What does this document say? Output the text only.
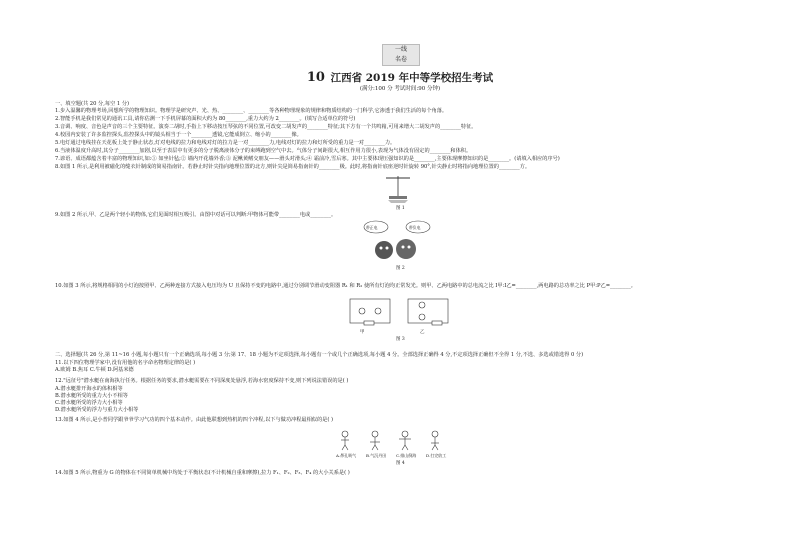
一线
名卷
10 江西省 2019 年中等学校招生考试
(满分:100 分 考试时间:90 分钟)
一、填空题(共 20 分,每空 1 分)
1.步入温馨的物理考场,回想所学的物理知识。物理学是研究声、光、热、________、________等各种物理现象的规律和物质结构的一门科学,它渗透于我们生活的每个角落。
2.智能手机是我们常见的通讯工具,请你估测一下手机屏幕的面积大约为 80________,重力大约为 2________。(填写合适单位的符号)
3.音调、响度、音色是声音的三个主要特征。演奏二胡时,手指上下移动按压琴弦的不同位置,可改变二胡发声的________特征;其下方有一个共鸣箱,可用来增大二胡发声的________特征。
4.校园内安装了许多监控探头,监控探头中的镜头相当于一个________透镜,它能成倒立、缩小的________像。
5.电灯通过电线挂在天花板上处于静止状态,灯对电线的拉力和电线对灯的拉力是一对________力,电线对灯的拉力和灯所受的重力是一对________力。
6.当液体温度升高时,其分子________加剧,以至于表层中有更多的分子脱离液体分子的束缚跑到空气中去。气体分子间距很大,相互作用力很小,表现为气体没有固定的________和体积。
7.谚语、成语都蕴含着丰富的物理知识,如:① 如坐针毡;② 墙内开花墙外香;③ 泥鳅黄鳝交朋友——滑头对滑头;④ 霜前冷,雪后寒。其中主要体现压强知识的是________,主要体现摩擦知识的是________。(请填入相应的序号)
8.如图 1 所示,是利用被磁化的缝衣针制成的简易指南针。若静止时针尖指向地理位置的北方,则针尖是简易指南针的________极。此时,将指南针底座逆时针旋转 90°,针尖静止时将指向地理位置的________方。
图 1
9.如图 2 所示,甲、乙是两个轻小的物体,它们见面时相互吸引。由图中对话可以判断:甲物体可能带________电或________。
带正电	带负电
图 2
10.如图 3 所示,将规格相同的小灯泡按照甲、乙两种连接方式接入电压均为 U 且保持不变的电路中,通过分别调节滑动变阻器 R₁ 和 R₂ 使所有灯泡均正常发光。则甲、乙两电路中的总电流之比 I甲:I乙=________,两电路的总功率之比 P甲:P乙=________。
甲	乙
图 3
二、选择题(共 26 分,第 11~16 小题,每小题只有一个正确选项,每小题 3 分;第 17、18 小题为不定项选择,每小题有一个或几个正确选项,每小题 4 分。全部选择正确得 4 分,不定项选择正确但不全得 1 分,不选、多选或错选得 0 分)
11.以下四位物理学家中,没有用他的名字命名物理定律的是( )
A.欧姆 B.焦耳 C.牛顿 D.阿基米德
12."远征号"潜水艇在南海执行任务。根据任务的要求,潜水艇需要在不同深度处悬浮,若海水密度保持不变,则下列说法错误的是( )
A.潜水艇排开海水的体积相等
B.潜水艇所受的重力大小不相等
C.潜水艇所受的浮力大小相等
D.潜水艇所受的浮力与重力大小相等
13.如图 4 所示,是小普同学跟爷爷学习气功的四个基本动作。由此他联想到热机的四个冲程,以下与做功冲程最相似的是( )
A.鼻孔吸气 B.气沉丹田 C.排山倒海 D.打完收工
图 4
14.如图 5 所示,物重为 G 的物体在不同简单机械中均处于平衡状态(不计机械自重和摩擦),拉力 F₁、F₂、F₃、F₄ 的大小关系是( )
